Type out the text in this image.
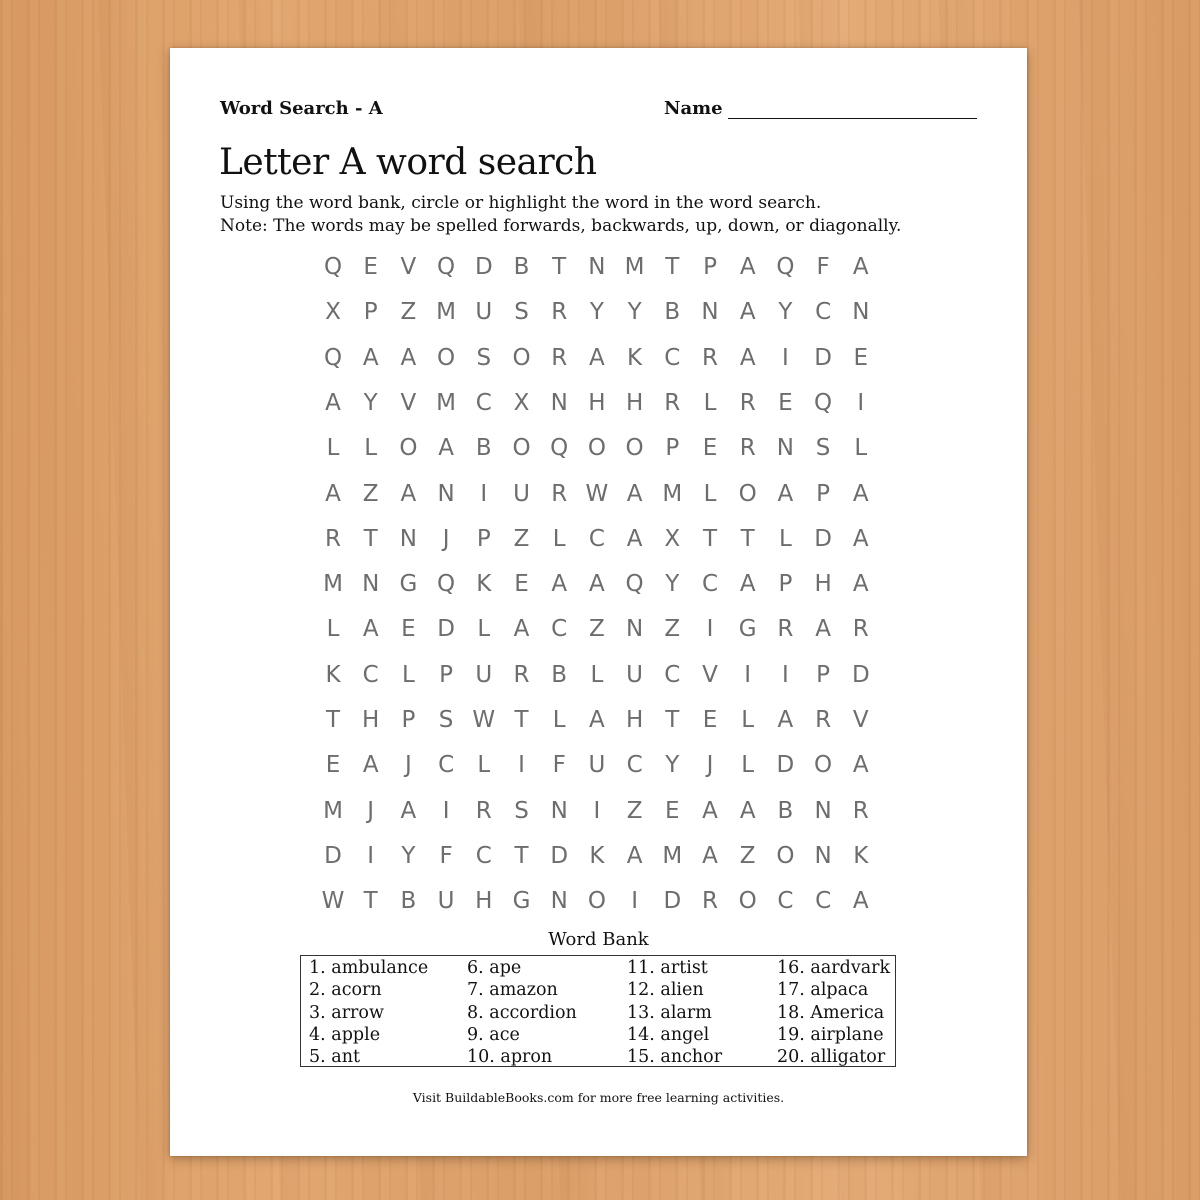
Word Search - A	Name
Letter A word search
Using the word bank, circle or highlight the word in the word search.
Note: The words may be spelled forwards, backwards, up, down, or diagonally.
Q E V Q D B T N M T	P A Q F	A
X P Z M U S R Y	Y B N A Y C N
Q A A O S O R A K C R A	I	D E
A Y V M C X N H H R	L	R E Q	I
L	L O A B O Q O O P	E R N S	L
A Z A N	I	U R W A M L O A P A
R T N	J	P Z	L	C A X T	T	L D A
M N G Q K E A A Q Y C A P H A
L	A E D L	A C Z N Z	I	G R A R
K C	L	P U R B	L U C V	I	I	P D
T H P	S W T	L	A H T	E	L	A R V
E A	J	C	L	I	F U C Y	J	L D O A
M	J	A	I	R S N	I	Z E A A B N R
D	I	Y	F	C T D K A M A Z O N K
W T B U H G N O	I	D R O C C A
Word Bank
1. ambulance
2. acorn
3. arrow
4. apple
5. ant
6. ape
7. amazon
8. accordion
9. ace
10. apron
11. artist
12. alien
13. alarm
14. angel
15. anchor
16. aardvark
17. alpaca
18. America
19. airplane
20. alligator
Visit BuildableBooks.com for more free learning activities.
